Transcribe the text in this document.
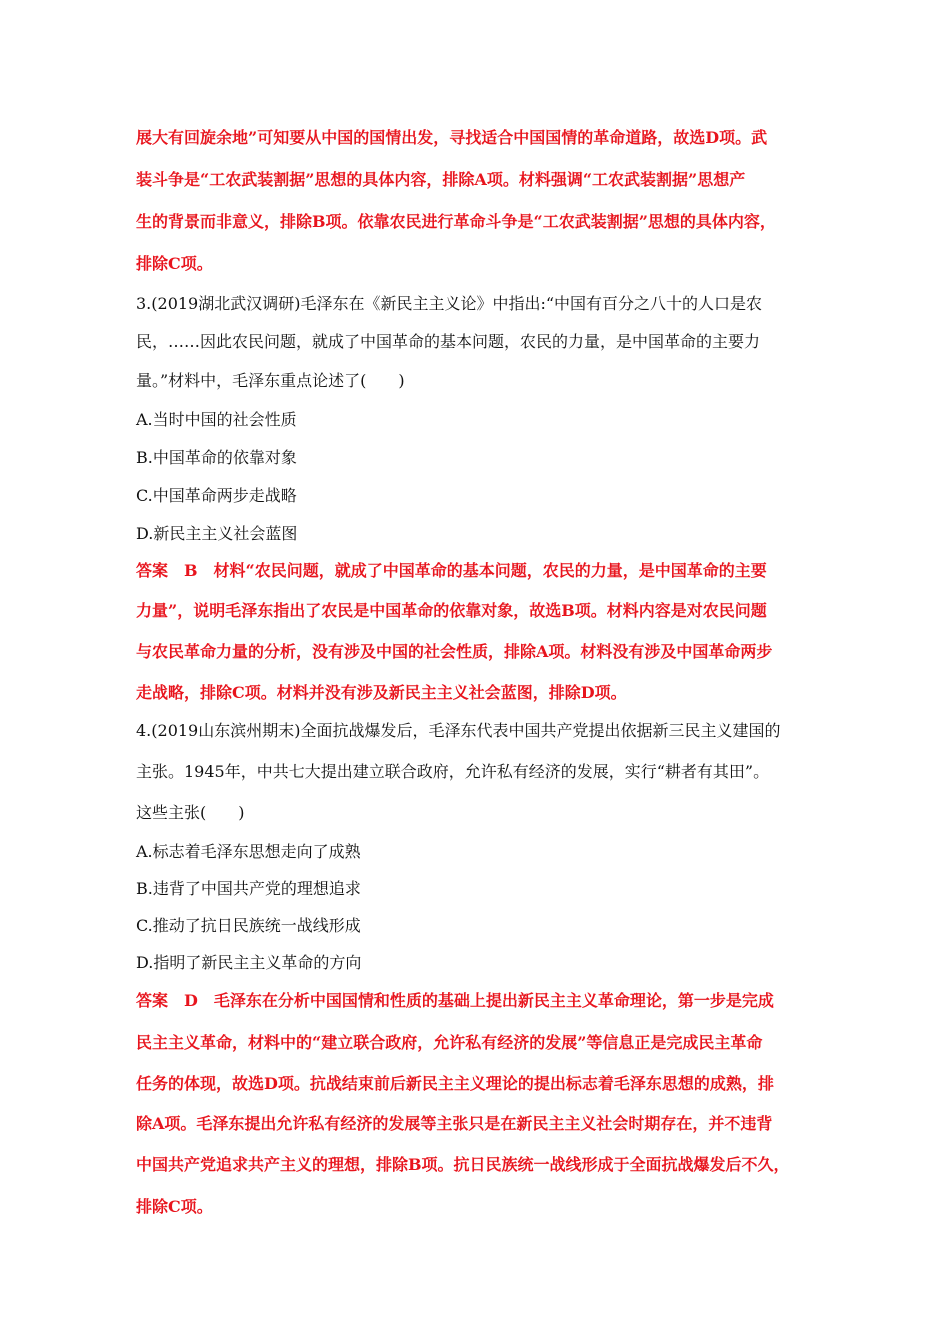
展大有回旋余地”可知要从中国的国情出发，寻找适合中国国情的革命道路，故选D项。武
装斗争是“工农武装割据”思想的具体内容，排除A项。材料强调“工农武装割据”思想产
生的背景而非意义，排除B项。依靠农民进行革命斗争是“工农武装割据”思想的具体内容，
排除C项。
3.(2019湖北武汉调研)毛泽东在《新民主主义论》中指出:“中国有百分之八十的人口是农
民，……因此农民问题，就成了中国革命的基本问题，农民的力量，是中国革命的主要力
量。”材料中，毛泽东重点论述了(　　)
A.当时中国的社会性质
B.中国革命的依靠对象
C.中国革命两步走战略
D.新民主主义社会蓝图
答案　B　材料“农民问题，就成了中国革命的基本问题，农民的力量，是中国革命的主要
力量”，说明毛泽东指出了农民是中国革命的依靠对象，故选B项。材料内容是对农民问题
与农民革命力量的分析，没有涉及中国的社会性质，排除A项。材料没有涉及中国革命两步
走战略，排除C项。材料并没有涉及新民主主义社会蓝图，排除D项。
4.(2019山东滨州期末)全面抗战爆发后，毛泽东代表中国共产党提出依据新三民主义建国的
主张。1945年，中共七大提出建立联合政府，允许私有经济的发展，实行“耕者有其田”。
这些主张(　　)
A.标志着毛泽东思想走向了成熟
B.违背了中国共产党的理想追求
C.推动了抗日民族统一战线形成
D.指明了新民主主义革命的方向
答案　D　毛泽东在分析中国国情和性质的基础上提出新民主主义革命理论，第一步是完成
民主主义革命，材料中的“建立联合政府，允许私有经济的发展”等信息正是完成民主革命
任务的体现，故选D项。抗战结束前后新民主主义理论的提出标志着毛泽东思想的成熟，排
除A项。毛泽东提出允许私有经济的发展等主张只是在新民主主义社会时期存在，并不违背
中国共产党追求共产主义的理想，排除B项。抗日民族统一战线形成于全面抗战爆发后不久，
排除C项。
